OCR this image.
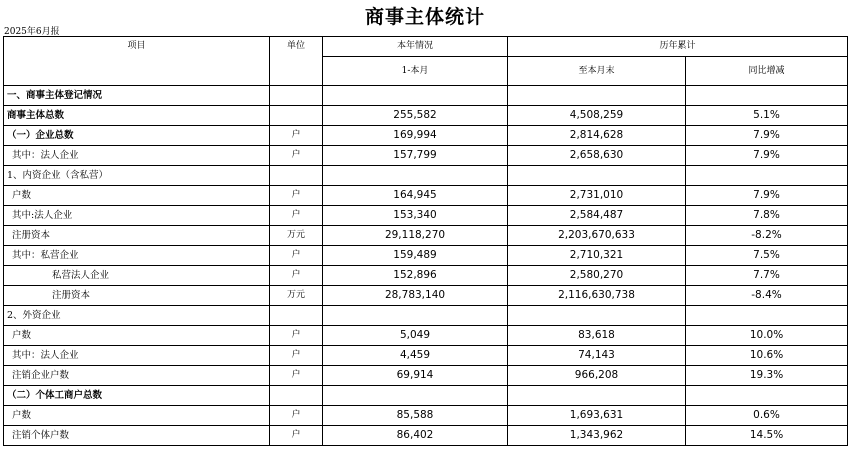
商事主体统计
2025年6月报
项目	单位	本年情况	历年累计	
		1-本月	至本月末	同比增减
一、商事主体登记情况				
商事主体总数		255,582	4,508,259	5.1%
（一）企业总数	户	169,994	2,814,628	7.9%
其中：法人企业	户	157,799	2,658,630	7.9%
1、内资企业（含私营）				
户数	户	164,945	2,731,010	7.9%
其中:法人企业	户	153,340	2,584,487	7.8%
注册资本	万元	29,118,270	2,203,670,633	-8.2%
其中：私营企业	户	159,489	2,710,321	7.5%
私营法人企业	户	152,896	2,580,270	7.7%
注册资本	万元	28,783,140	2,116,630,738	-8.4%
2、外资企业				
户数	户	5,049	83,618	10.0%
其中：法人企业	户	4,459	74,143	10.6%
注销企业户数	户	69,914	966,208	19.3%
（二）个体工商户总数				
户数	户	85,588	1,693,631	0.6%
注销个体户数	户	86,402	1,343,962	14.5%
